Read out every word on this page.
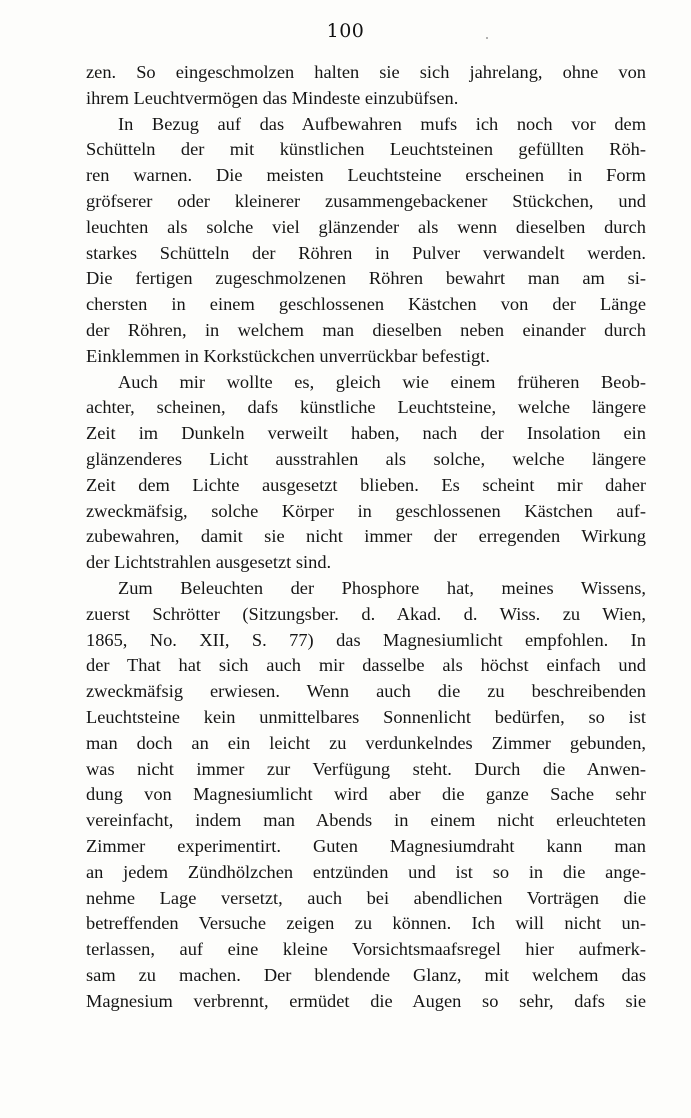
100
zen. So eingeschmolzen halten sie sich jahrelang, ohne von
ihrem Leuchtvermögen das Mindeste einzubüfsen.
In Bezug auf das Aufbewahren mufs ich noch vor dem
Schütteln der mit künstlichen Leuchtsteinen gefüllten Röh-
ren warnen. Die meisten Leuchtsteine erscheinen in Form
gröfserer oder kleinerer zusammengebackener Stückchen, und
leuchten als solche viel glänzender als wenn dieselben durch
starkes Schütteln der Röhren in Pulver verwandelt werden.
Die fertigen zugeschmolzenen Röhren bewahrt man am si-
chersten in einem geschlossenen Kästchen von der Länge
der Röhren, in welchem man dieselben neben einander durch
Einklemmen in Korkstückchen unverrückbar befestigt.
Auch mir wollte es, gleich wie einem früheren Beob-
achter, scheinen, dafs künstliche Leuchtsteine, welche längere
Zeit im Dunkeln verweilt haben, nach der Insolation ein
glänzenderes Licht ausstrahlen als solche, welche längere
Zeit dem Lichte ausgesetzt blieben. Es scheint mir daher
zweckmäfsig, solche Körper in geschlossenen Kästchen auf-
zubewahren, damit sie nicht immer der erregenden Wirkung
der Lichtstrahlen ausgesetzt sind.
Zum Beleuchten der Phosphore hat, meines Wissens,
zuerst Schrötter (Sitzungsber. d. Akad. d. Wiss. zu Wien,
1865, No. XII, S. 77) das Magnesiumlicht empfohlen. In
der That hat sich auch mir dasselbe als höchst einfach und
zweckmäfsig erwiesen. Wenn auch die zu beschreibenden
Leuchtsteine kein unmittelbares Sonnenlicht bedürfen, so ist
man doch an ein leicht zu verdunkelndes Zimmer gebunden,
was nicht immer zur Verfügung steht. Durch die Anwen-
dung von Magnesiumlicht wird aber die ganze Sache sehr
vereinfacht, indem man Abends in einem nicht erleuchteten
Zimmer experimentirt. Guten Magnesiumdraht kann man
an jedem Zündhölzchen entzünden und ist so in die ange-
nehme Lage versetzt, auch bei abendlichen Vorträgen die
betreffenden Versuche zeigen zu können. Ich will nicht un-
terlassen, auf eine kleine Vorsichtsmaafsregel hier aufmerk-
sam zu machen. Der blendende Glanz, mit welchem das
Magnesium verbrennt, ermüdet die Augen so sehr, dafs sie
